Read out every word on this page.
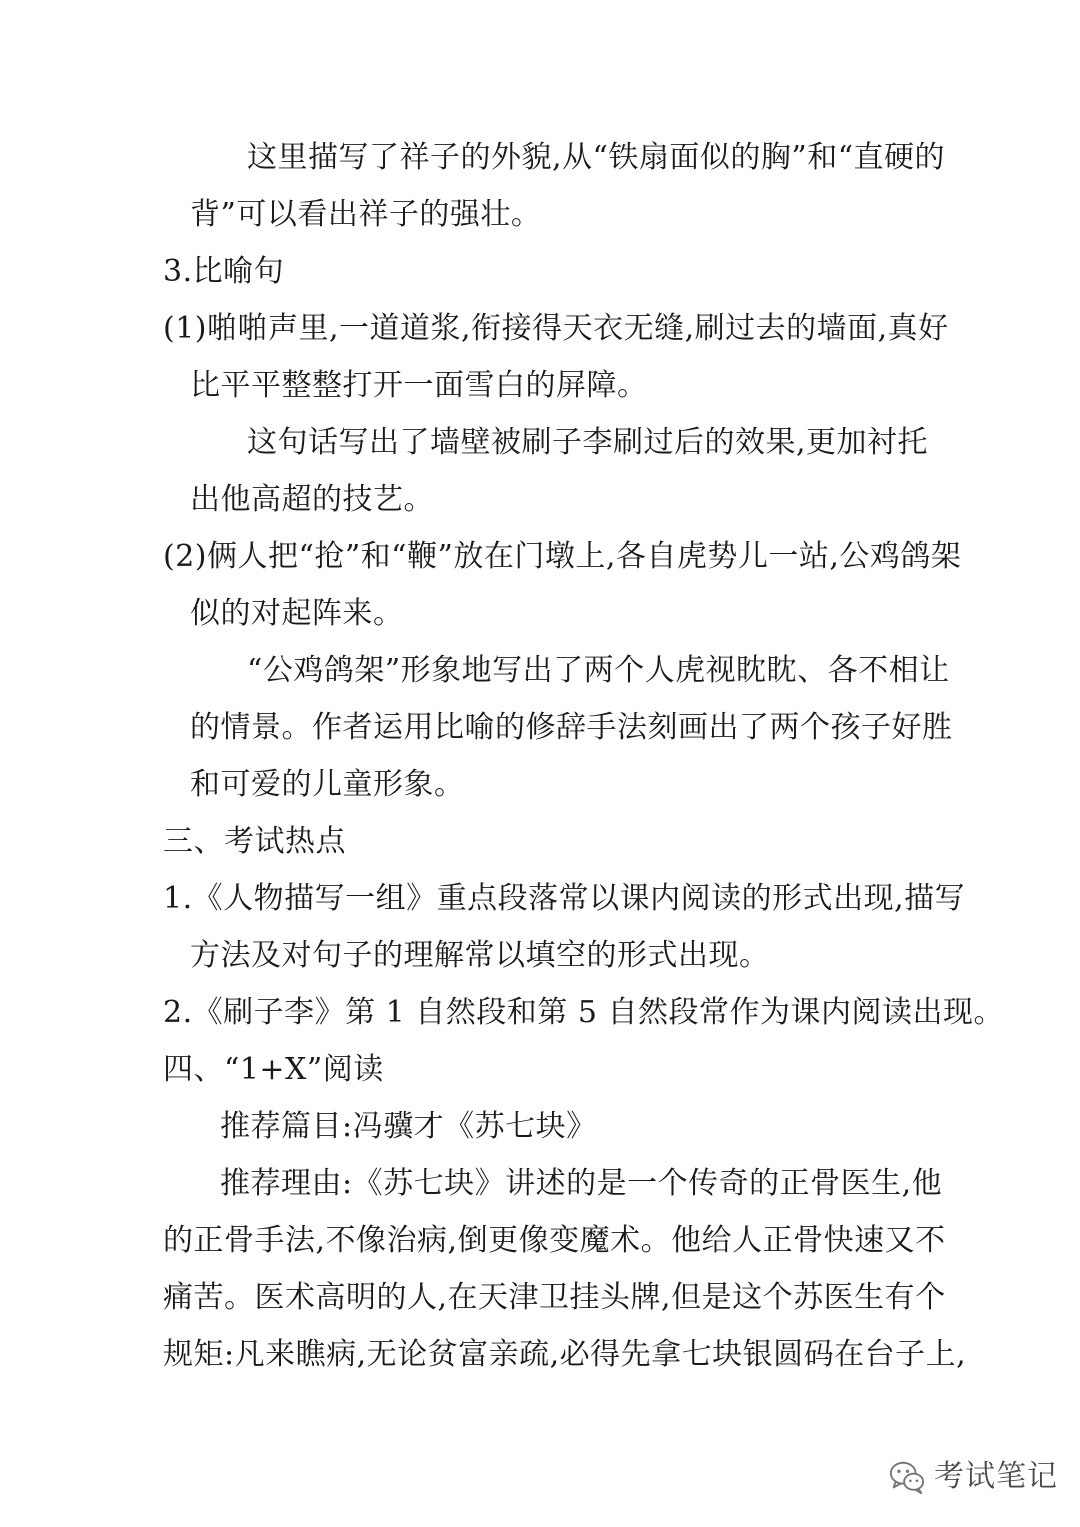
这里描写了祥子的外貌,从“铁扇面似的胸”和“直硬的
背”可以看出祥子的强壮。
3.比喻句
(1)啪啪声里,一道道浆,衔接得天衣无缝,刷过去的墙面,真好
比平平整整打开一面雪白的屏障。
这句话写出了墙壁被刷子李刷过后的效果,更加衬托
出他高超的技艺。
(2)俩人把“抢”和“鞭”放在门墩上,各自虎势儿一站,公鸡鸽架
似的对起阵来。
“公鸡鸽架”形象地写出了两个人虎视眈眈、各不相让
的情景。作者运用比喻的修辞手法刻画出了两个孩子好胜
和可爱的儿童形象。
三、考试热点
1.《人物描写一组》重点段落常以课内阅读的形式出现,描写
方法及对句子的理解常以填空的形式出现。
2.《刷子李》第 1 自然段和第 5 自然段常作为课内阅读出现。
四、“1+X”阅读
推荐篇目:冯骥才《苏七块》
推荐理由:《苏七块》讲述的是一个传奇的正骨医生,他
的正骨手法,不像治病,倒更像变魔术。他给人正骨快速又不
痛苦。医术高明的人,在天津卫挂头牌,但是这个苏医生有个
规矩:凡来瞧病,无论贫富亲疏,必得先拿七块银圆码在台子上,
考试笔记
